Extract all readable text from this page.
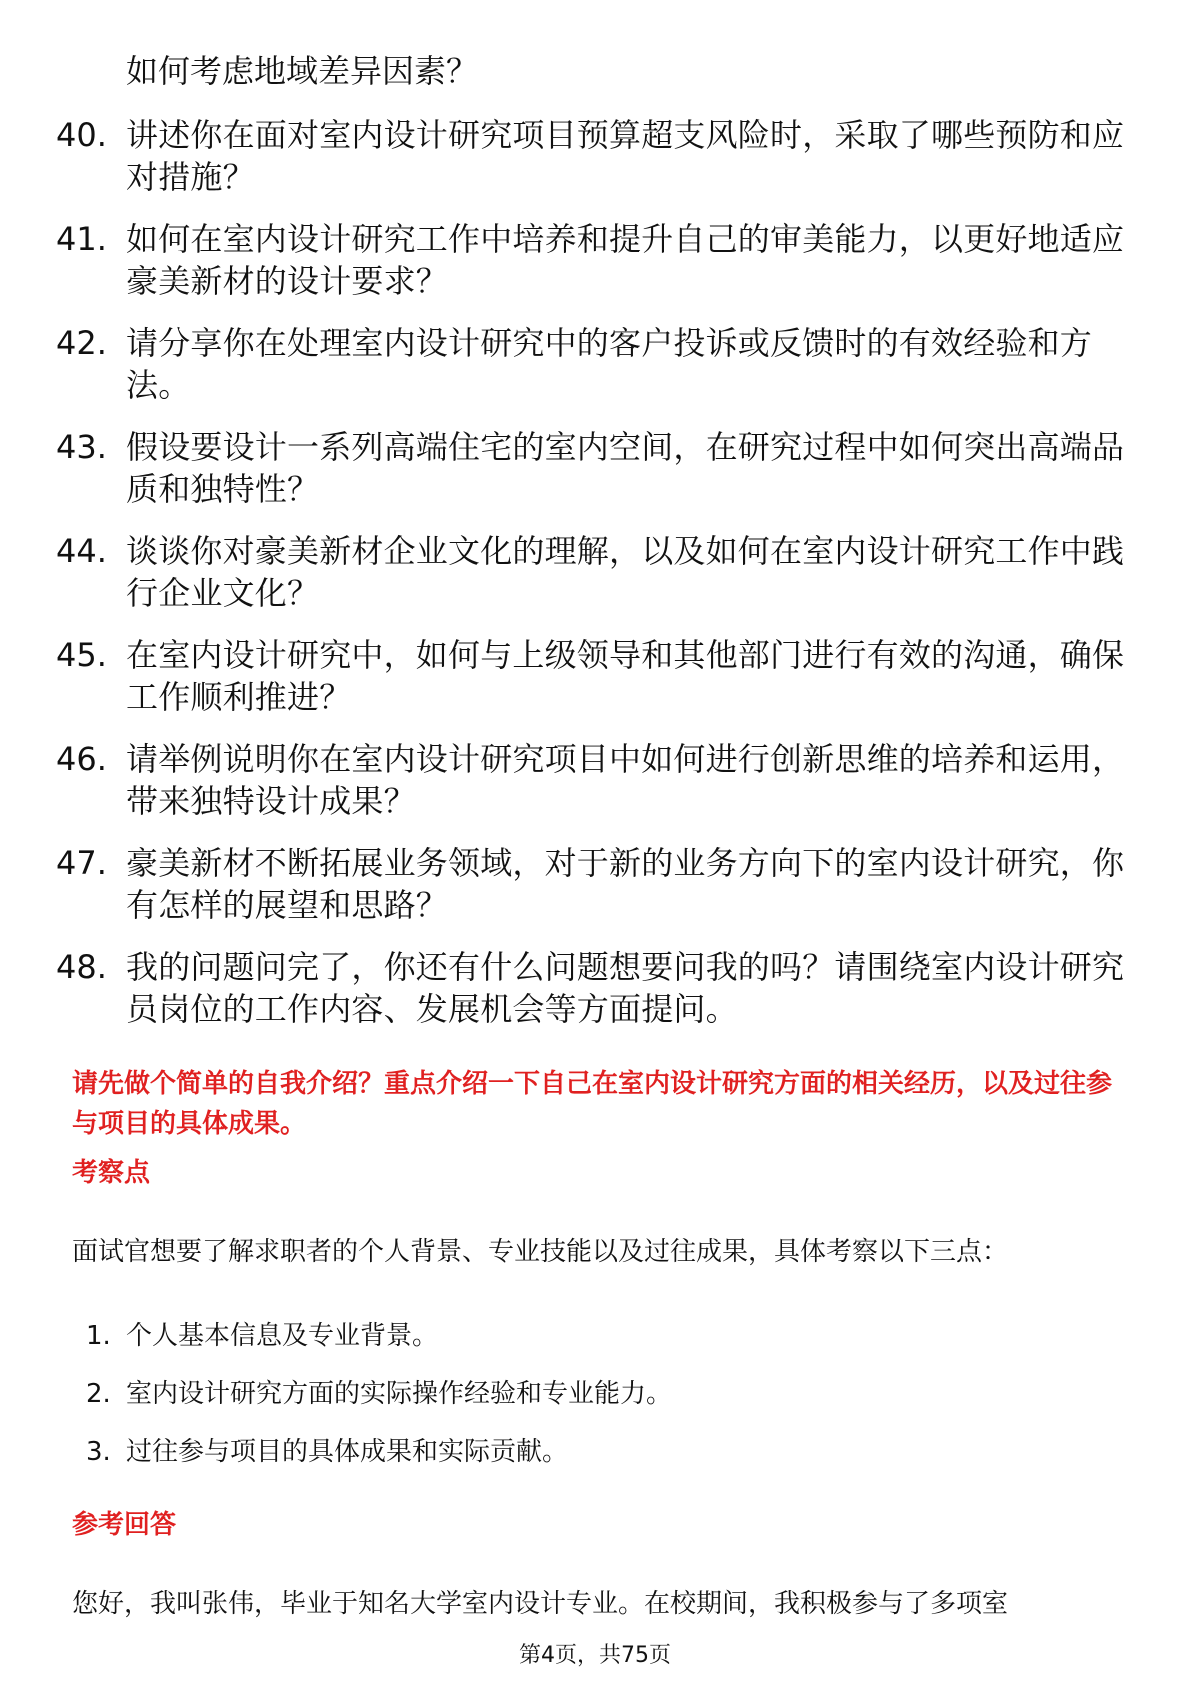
如何考虑地域差异因素？

40. 讲述你在面对室内设计研究项目预算超支风险时，采取了哪些预防和应对措施？
41. 如何在室内设计研究工作中培养和提升自己的审美能力，以更好地适应豪美新材的设计要求？
42. 请分享你在处理室内设计研究中的客户投诉或反馈时的有效经验和方法。
43. 假设要设计一系列高端住宅的室内空间，在研究过程中如何突出高端品质和独特性？
44. 谈谈你对豪美新材企业文化的理解，以及如何在室内设计研究工作中践行企业文化？
45. 在室内设计研究中，如何与上级领导和其他部门进行有效的沟通，确保工作顺利推进？
46. 请举例说明你在室内设计研究项目中如何进行创新思维的培养和运用，带来独特设计成果？
47. 豪美新材不断拓展业务领域，对于新的业务方向下的室内设计研究，你有怎样的展望和思路？
48. 我的问题问完了，你还有什么问题想要问我的吗？请围绕室内设计研究员岗位的工作内容、发展机会等方面提问。

请先做个简单的自我介绍？重点介绍一下自己在室内设计研究方面的相关经历，以及过往参与项目的具体成果。

考察点

面试官想要了解求职者的个人背景、专业技能以及过往成果，具体考察以下三点：

1. 个人基本信息及专业背景。
2. 室内设计研究方面的实际操作经验和专业能力。
3. 过往参与项目的具体成果和实际贡献。
参考回答

您好，我叫张伟，毕业于知名大学室内设计专业。在校期间，我积极参与了多项室

第4页，共75页
